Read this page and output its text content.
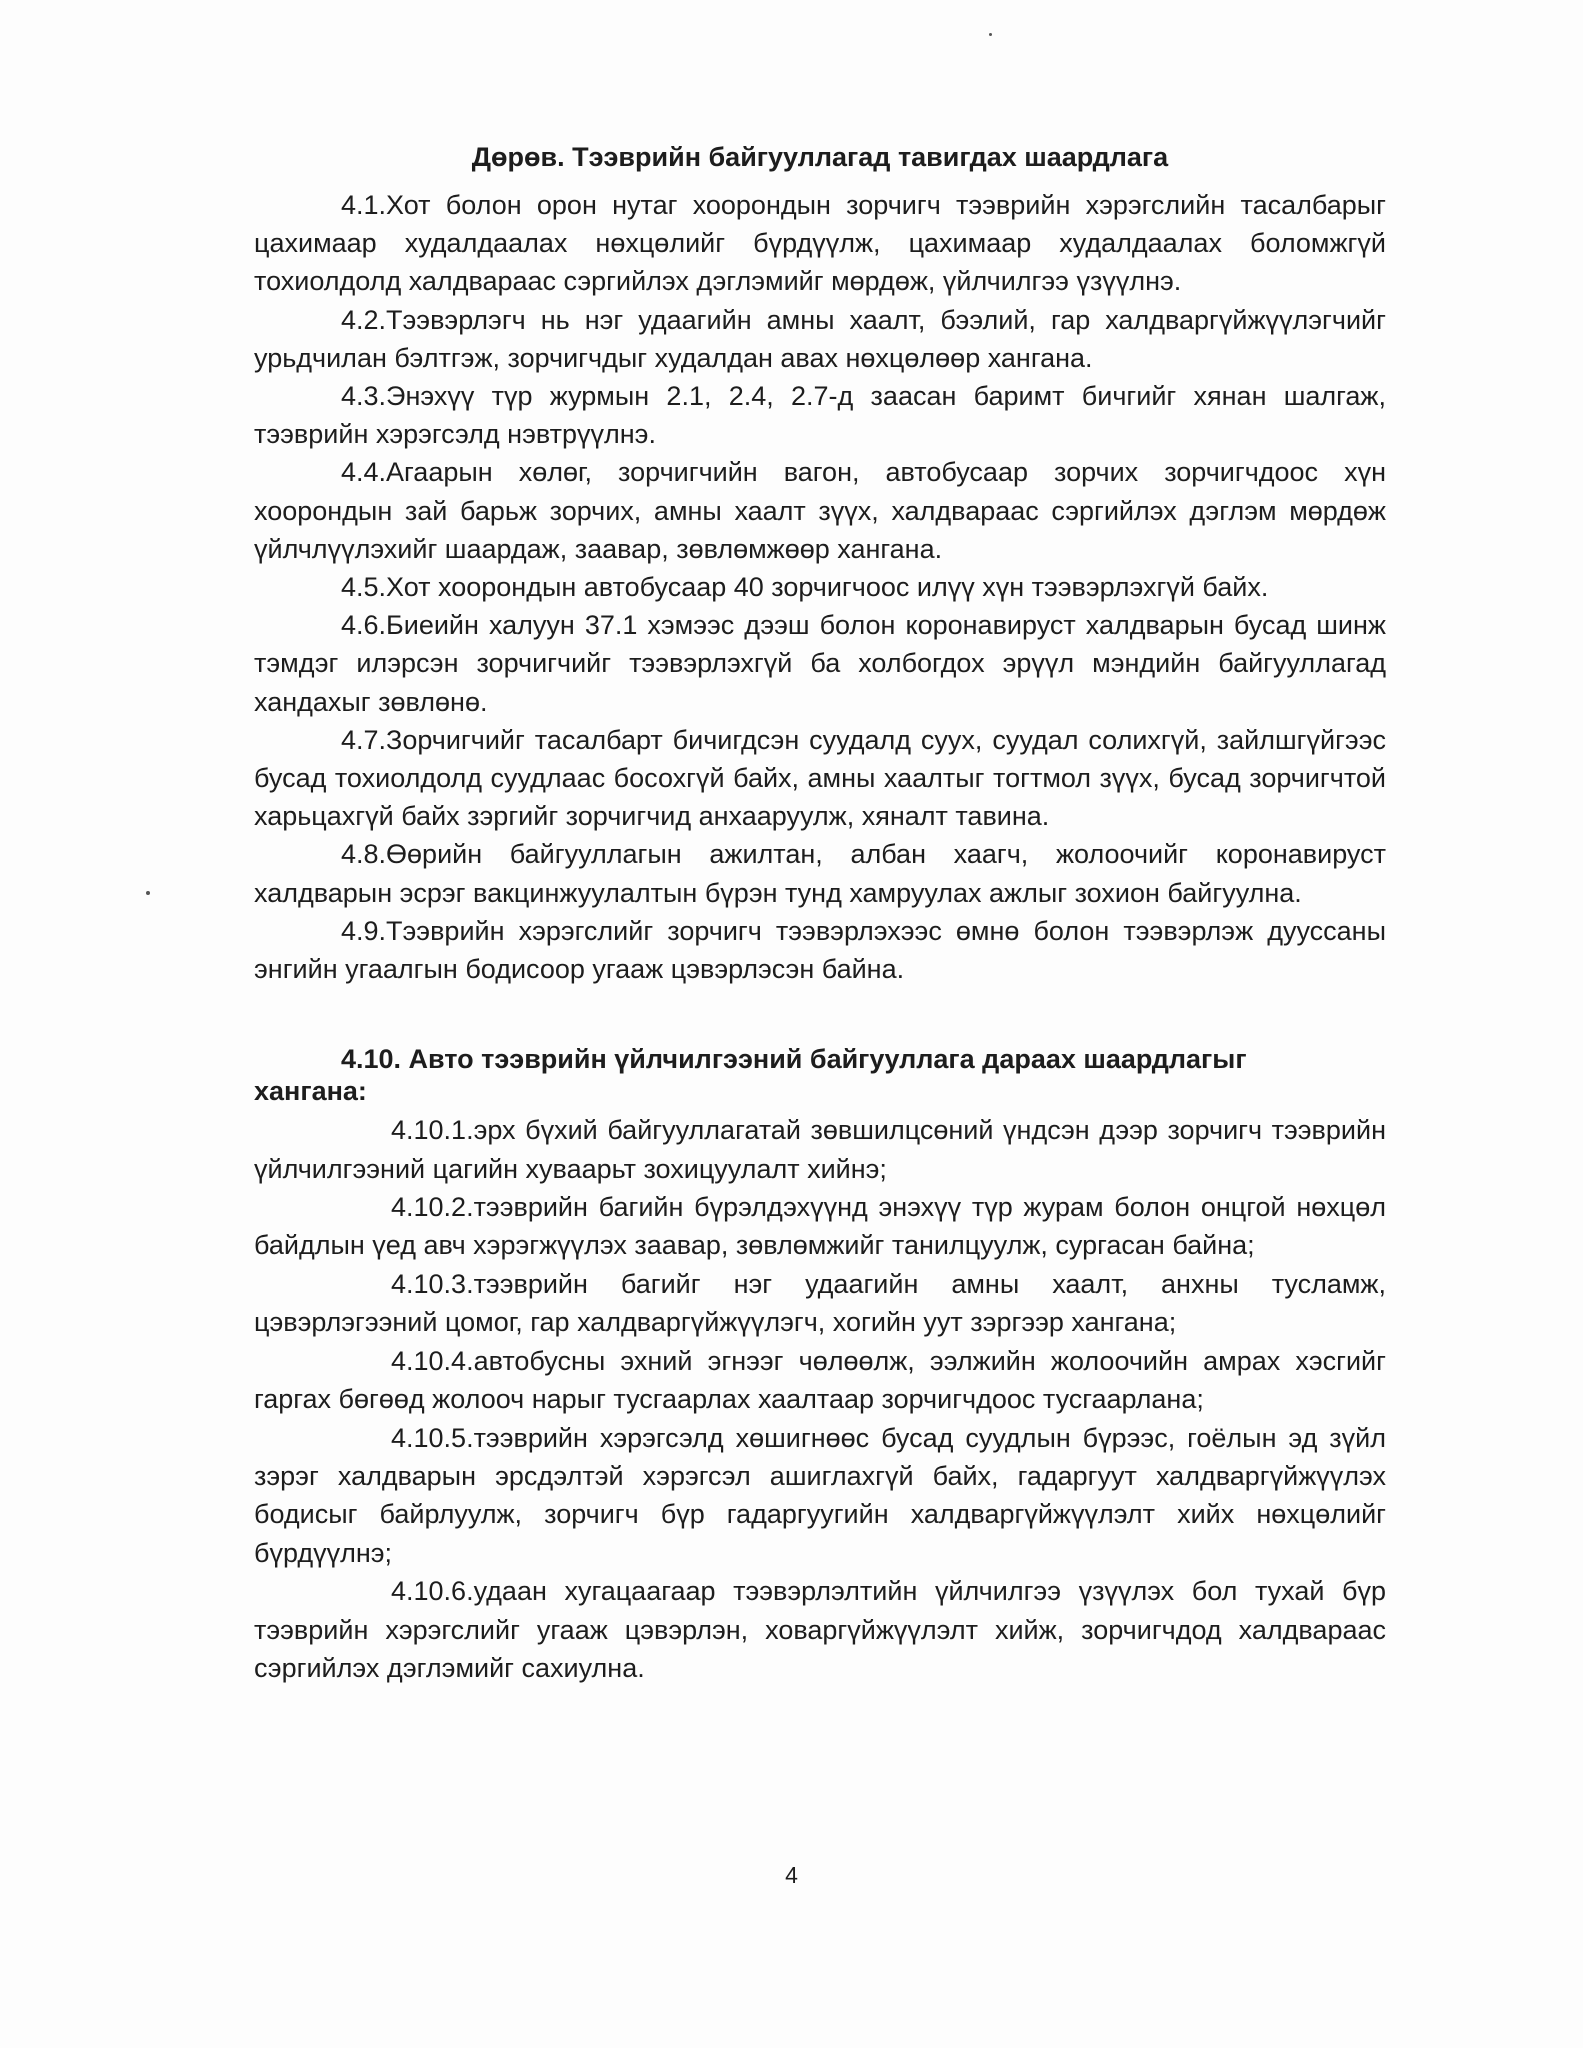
Дөрөв. Тээврийн байгууллагад тавигдах шаардлага

4.1.Хот болон орон нутаг хоорондын зорчигч тээврийн хэрэгслийн тасалбарыг цахимаар худалдаалах нөхцөлийг бүрдүүлж, цахимаар худалдаалах боломжгүй тохиолдолд халдвараас сэргийлэх дэглэмийг мөрдөж, үйлчилгээ үзүүлнэ.

4.2.Тээвэрлэгч нь нэг удаагийн амны хаалт, бээлий, гар халдваргүйжүүлэгчийг урьдчилан бэлтгэж, зорчигчдыг худалдан авах нөхцөлөөр хангана.

4.3.Энэхүү түр журмын 2.1, 2.4, 2.7-д заасан баримт бичгийг хянан шалгаж, тээврийн хэрэгсэлд нэвтрүүлнэ.

4.4.Агаарын хөлөг, зорчигчийн вагон, автобусаар зорчих зорчигчдоос хүн хоорондын зай барьж зорчих, амны хаалт зүүх, халдвараас сэргийлэх дэглэм мөрдөж үйлчлүүлэхийг шаардаж, заавар, зөвлөмжөөр хангана.

4.5.Хот хоорондын автобусаар 40 зорчигчоос илүү хүн тээвэрлэхгүй байх.

4.6.Биеийн халуун 37.1 хэмээс дээш болон коронавируст халдварын бусад шинж тэмдэг илэрсэн зорчигчийг тээвэрлэхгүй ба холбогдох эрүүл мэндийн байгууллагад хандахыг зөвлөнө.

4.7.Зорчигчийг тасалбарт бичигдсэн суудалд суух, суудал солихгүй, зайлшгүйгээс бусад тохиолдолд суудлаас босохгүй байх, амны хаалтыг тогтмол зүүх, бусад зорчигчтой харьцахгүй байх зэргийг зорчигчид анхааруулж, хяналт тавина.

4.8.Өөрийн байгууллагын ажилтан, албан хаагч, жолоочийг коронавируст халдварын эсрэг вакцинжуулалтын бүрэн тунд хамруулах ажлыг зохион байгуулна.

4.9.Тээврийн хэрэгслийг зорчигч тээвэрлэхээс өмнө болон тээвэрлэж дууссаны энгийн угаалгын бодисоор угааж цэвэрлэсэн байна.

4.10. Авто тээврийн үйлчилгээний байгууллага дараах шаардлагыг хангана:

4.10.1.эрх бүхий байгууллагатай зөвшилцсөний үндсэн дээр зорчигч тээврийн үйлчилгээний цагийн хуваарьт зохицуулалт хийнэ;

4.10.2.тээврийн багийн бүрэлдэхүүнд энэхүү түр журам болон онцгой нөхцөл байдлын үед авч хэрэгжүүлэх заавар, зөвлөмжийг танилцуулж, сургасан байна;

4.10.3.тээврийн багийг нэг удаагийн амны хаалт, анхны тусламж, цэвэрлэгээний цомог, гар халдваргүйжүүлэгч, хогийн уут зэргээр хангана;

4.10.4.автобусны эхний эгнээг чөлөөлж, ээлжийн жолоочийн амрах хэсгийг гаргах бөгөөд жолооч нарыг тусгаарлах хаалтаар зорчигчдоос тусгаарлана;

4.10.5.тээврийн хэрэгсэлд хөшигнөөс бусад суудлын бүрээс, гоёлын эд зүйл зэрэг халдварын эрсдэлтэй хэрэгсэл ашиглахгүй байх, гадаргуут халдваргүйжүүлэх бодисыг байрлуулж, зорчигч бүр гадаргуугийн халдваргүйжүүлэлт хийх нөхцөлийг бүрдүүлнэ;

4.10.6.удаан хугацаагаар тээвэрлэлтийн үйлчилгээ үзүүлэх бол тухай бүр тээврийн хэрэгслийг угааж цэвэрлэн, ховаргүйжүүлэлт хийж, зорчигчдод халдвараас сэргийлэх дэглэмийг сахиулна.

4
